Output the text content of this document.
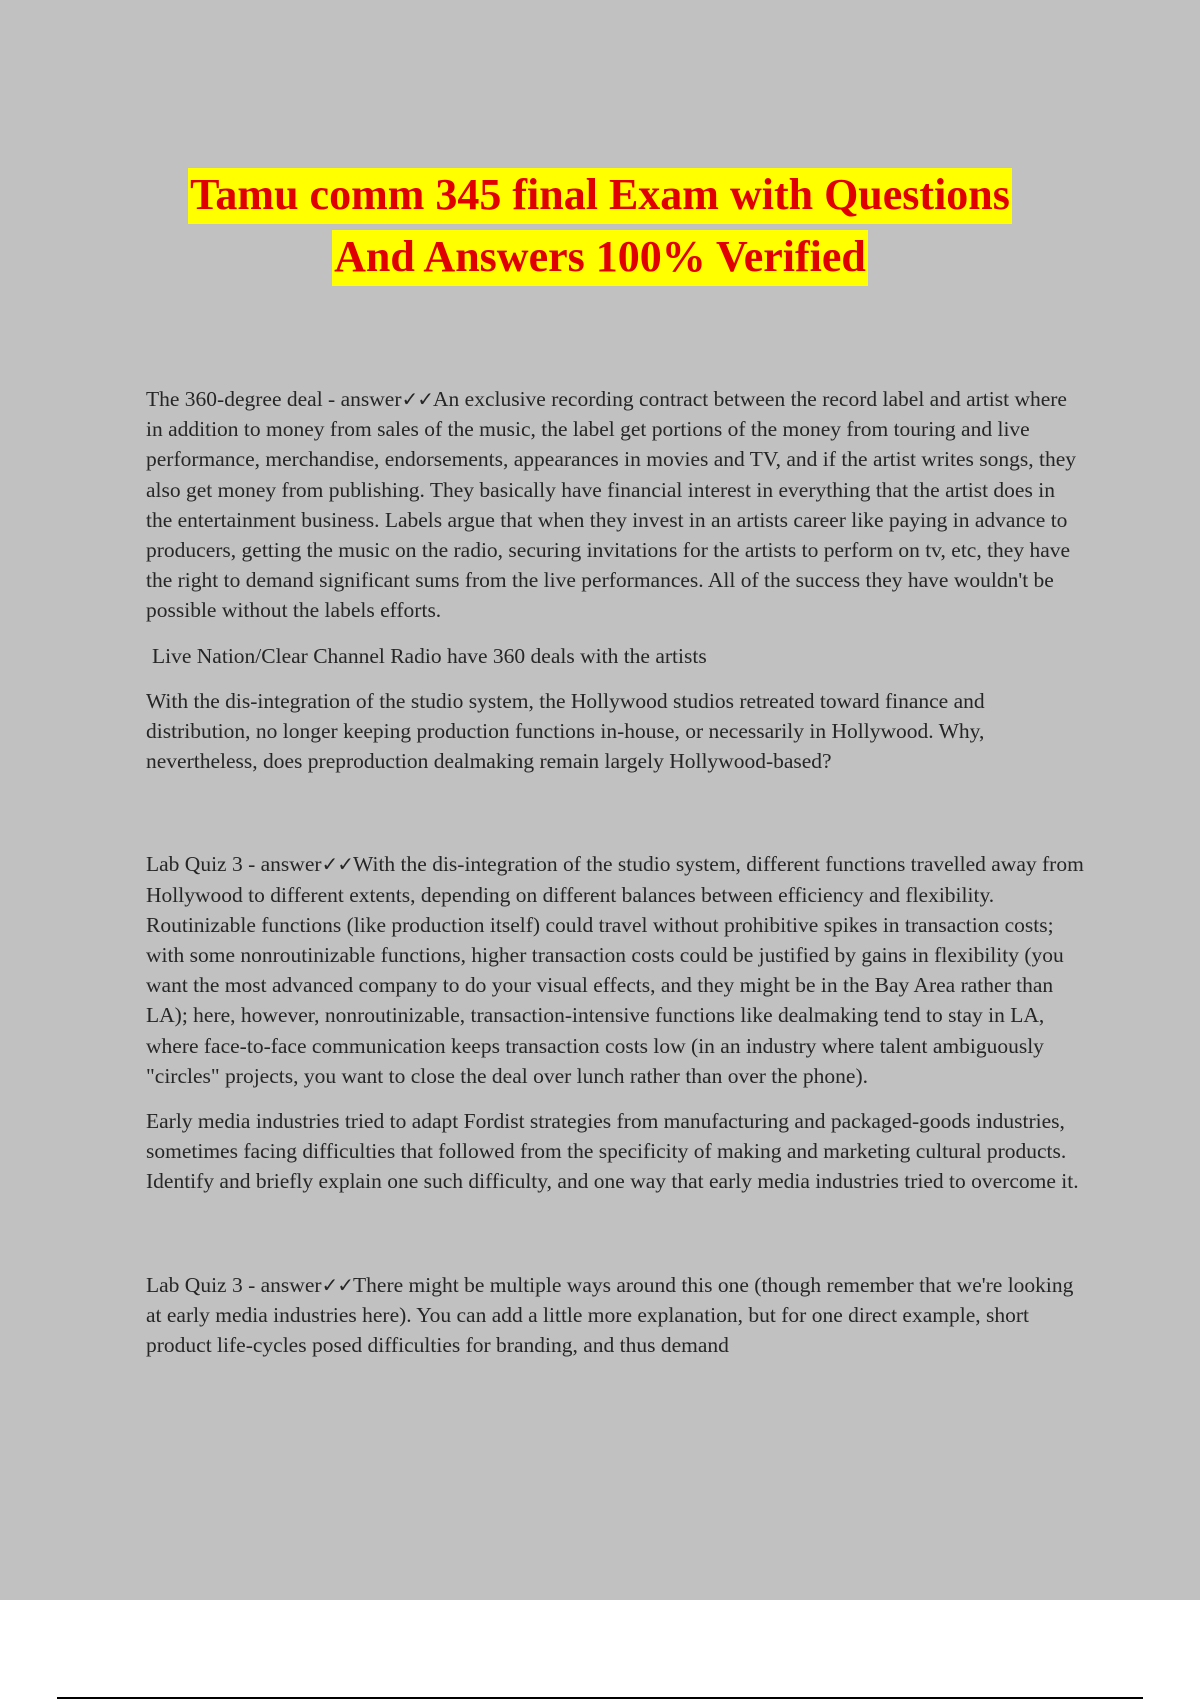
Tamu comm 345 final Exam with Questions
And Answers 100% Verified

The 360-degree deal - answer✓✓An exclusive recording contract between the record label and artist where in addition to money from sales of the music, the label get portions of the money from touring and live performance, merchandise, endorsements, appearances in movies and TV, and if the artist writes songs, they also get money from publishing. They basically have financial interest in everything that the artist does in the entertainment business. Labels argue that when they invest in an artists career like paying in advance to producers, getting the music on the radio, securing invitations for the artists to perform on tv, etc, they have the right to demand significant sums from the live performances. All of the success they have wouldn't be possible without the labels efforts.

Live Nation/Clear Channel Radio have 360 deals with the artists

With the dis-integration of the studio system, the Hollywood studios retreated toward finance and distribution, no longer keeping production functions in-house, or necessarily in Hollywood. Why, nevertheless, does preproduction dealmaking remain largely Hollywood-based?

Lab Quiz 3 - answer✓✓With the dis-integration of the studio system, different functions travelled away from Hollywood to different extents, depending on different balances between efficiency and flexibility. Routinizable functions (like production itself) could travel without prohibitive spikes in transaction costs; with some nonroutinizable functions, higher transaction costs could be justified by gains in flexibility (you want the most advanced company to do your visual effects, and they might be in the Bay Area rather than LA); here, however, nonroutinizable, transaction-intensive functions like dealmaking tend to stay in LA, where face-to-face communication keeps transaction costs low (in an industry where talent ambiguously "circles" projects, you want to close the deal over lunch rather than over the phone).

Early media industries tried to adapt Fordist strategies from manufacturing and packaged-goods industries, sometimes facing difficulties that followed from the specificity of making and marketing cultural products. Identify and briefly explain one such difficulty, and one way that early media industries tried to overcome it.

Lab Quiz 3 - answer✓✓There might be multiple ways around this one (though remember that we're looking at early media industries here). You can add a little more explanation, but for one direct example, short product life-cycles posed difficulties for branding, and thus demand
